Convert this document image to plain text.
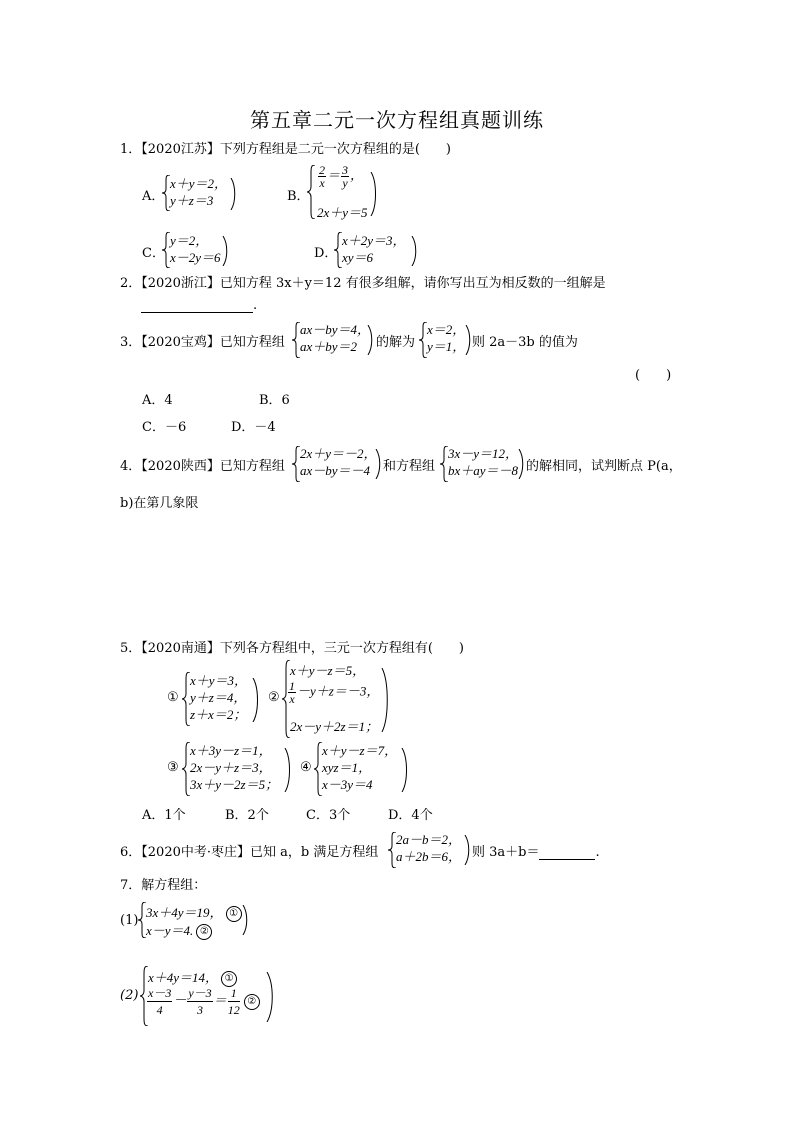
第五章二元一次方程组真题训练
1．【2020江苏】下列方程组是二元一次方程组的是(　　)
A．
x＋y＝2，
y＋z＝3	B．
$\frac{2}{x} = \frac{3}{y}$ ，
2x＋y＝5
C．
y＝2，
x－2y＝6	D．
x＋2y＝3，
xy＝6
2．【2020浙江】已知方程 3x＋y＝12 有很多组解，请你写出互为相反数的一组解是
.
3．【2020宝鸡】已知方程组
ax－by＝4，
ax＋by＝2	的解为
x＝2，
y＝1， 则 2a－3b 的值为
(　　)
A．4	B．6
C．－6	D．－4
4．【2020陕西】已知方程组
2x＋y＝－2，
ax－by＝－4 和方程组
3x－y＝12，
bx＋ay＝－8 的解相同，试判断点 P(a，
b)在第几象限
5．【2020南通】下列各方程组中，三元一次方程组有(　　)
①
x＋y＝3，
y＋z＝4，
z＋x＝2；
②
x＋y－z＝5，
$\frac{1}{x} -y+z=-3$，
2x－y＋2z＝1；
③
x＋3y－z＝1，
2x－y＋z＝3，
3x＋y－2z＝5；
④
x＋y－z＝7，
xyz＝1，
x－3y＝4
A．1个	B．2个	C．3个	D．4个
6．【2020中考·枣庄】已知 a，b 满足方程组
2a－b＝2，
a＋2b＝6， 则 3a＋b＝	.
7．解方程组：
(1)
3x＋4y＝19， ①
x－y＝4. ②
(2)
x＋4y＝14， ①
$\frac{x-3}{4} - \frac{y-3}{3} = \frac{1}{12}$ ②
